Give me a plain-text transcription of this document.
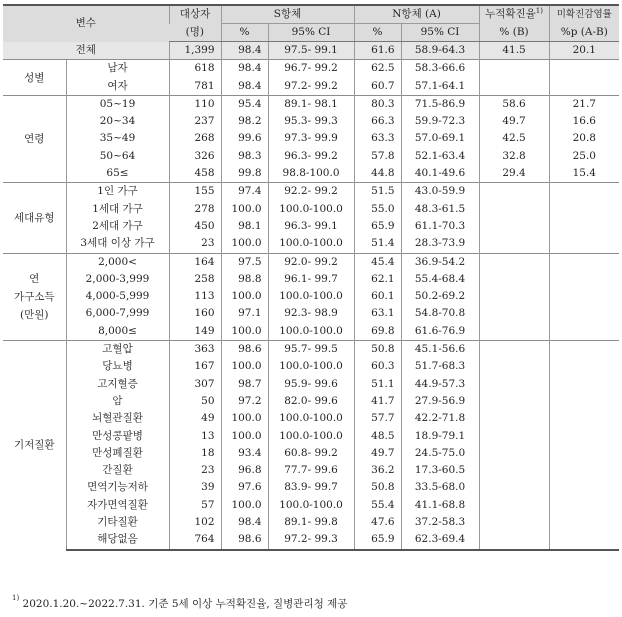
변수		대상자	S항체		N항체 (A)		누적확진율$^{1)}$	미확진감염률
		(명)	%	95% CI	%	95% CI	% (B)	%p (A-B)
전체		1,399	98.4	97.5- 99.1	61.6	58.9-64.3	41.5	20.1
성별	남자	618	98.4	96.7- 99.2	62.5	58.3-66.6		
	여자	781	98.4	97.2- 99.2	60.7	57.1-64.1		
연령	05~19	110	95.4	89.1- 98.1	80.3	71.5-86.9	58.6	21.7
	20~34	237	98.2	95.3- 99.3	66.3	59.9-72.3	49.7	16.6
	35~49	268	99.6	97.3- 99.9	63.3	57.0-69.1	42.5	20.8
	50~64	326	98.3	96.3- 99.2	57.8	52.1-63.4	32.8	25.0
	65≤	458	99.8	98.8-100.0	44.8	40.1-49.6	29.4	15.4
세대유형	1인 가구	155	97.4	92.2- 99.2	51.5	43.0-59.9		
	1세대 가구	278	100.0	100.0-100.0	55.0	48.3-61.5		
	2세대 가구	450	98.1	96.3- 99.1	65.9	61.1-70.3		
	3세대 이상 가구	23	100.0	100.0-100.0	51.4	28.3-73.9		
연
가구소득
(만원)	2,000<	164	97.5	92.0- 99.2	45.4	36.9-54.2		
	2,000-3,999	258	98.8	96.1- 99.7	62.1	55.4-68.4		
	4,000-5,999	113	100.0	100.0-100.0	60.1	50.2-69.2		
	6,000-7,999	160	97.1	92.3- 98.9	63.1	54.8-70.8		
	8,000≤	149	100.0	100.0-100.0	69.8	61.6-76.9		
기저질환	고혈압	363	98.6	95.7- 99.5	50.8	45.1-56.6		
	당뇨병	167	100.0	100.0-100.0	60.3	51.7-68.3		
	고지혈증	307	98.7	95.9- 99.6	51.1	44.9-57.3		
	암	50	97.2	82.0- 99.6	41.7	27.9-56.9		
	뇌혈관질환	49	100.0	100.0-100.0	57.7	42.2-71.8		
	만성콩팥병	13	100.0	100.0-100.0	48.5	18.9-79.1		
	만성폐질환	18	93.4	60.8- 99.2	49.7	24.5-75.0		
	간질환	23	96.8	77.7- 99.6	36.2	17.3-60.5		
	면역기능저하	39	97.6	83.9- 99.7	50.8	33.5-68.0		
	자가면역질환	57	100.0	100.0-100.0	55.4	41.1-68.8		
	기타질환	102	98.4	89.1- 99.8	47.6	37.2-58.3		
	해당없음	764	98.6	97.2- 99.3	65.9	62.3-69.4		
$^{1)}$ 2020.1.20.~2022.7.31. 기준 5세 이상 누적확진율, 질병관리청 제공
